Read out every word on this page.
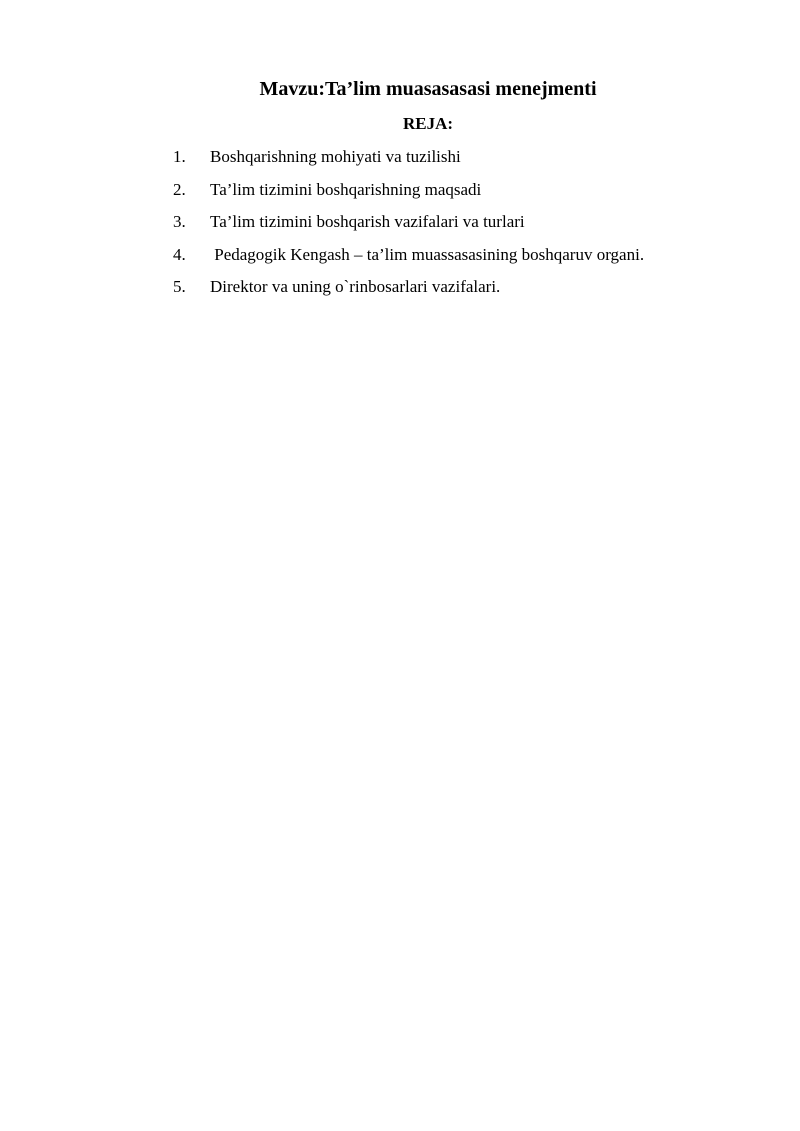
Mavzu:Ta’lim muasasasasi menejmenti
REJA:
1. Boshqarishning mohiyati va tuzilishi
2. Ta’lim tizimini boshqarishning maqsadi
3. Ta’lim tizimini boshqarish vazifalari va turlari
4. Pedagogik Kengash – ta’lim muassasasining boshqaruv organi.
5. Direktor va uning o`rinbosarlari vazifalari.
